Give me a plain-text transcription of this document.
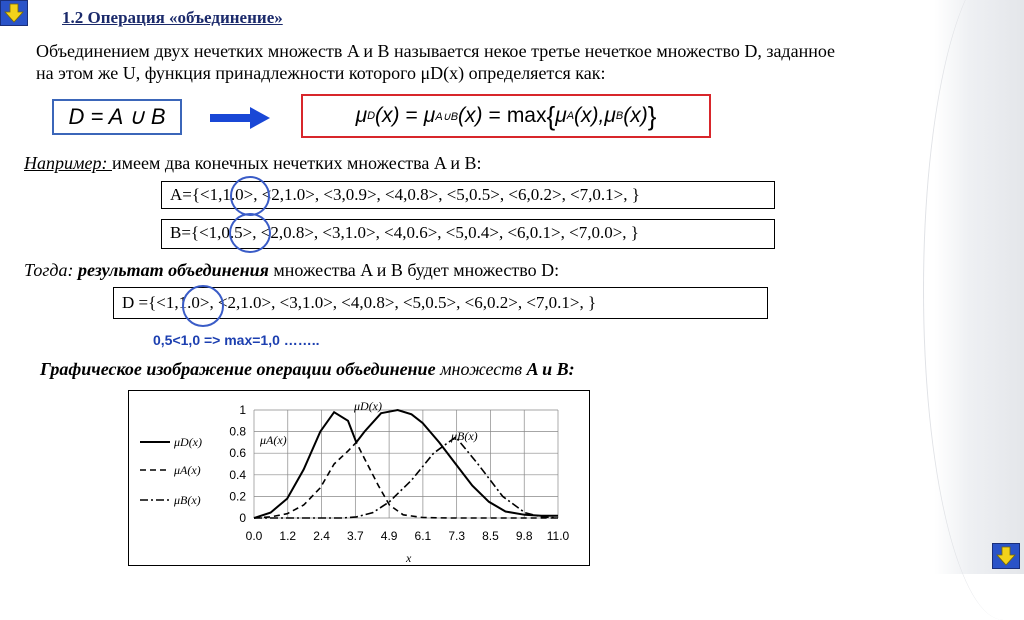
1.2 Операция «объединение»
Объединением двух нечетких множеств A и B называется некое третье нечеткое множество D, заданное
на этом же U, функция принадлежности которого μD(x) определяется как:
D = A ∪ B	μ D (x) = μ A∪B (x) = max { μ A (x) , μ B (x) }
Например: имеем два конечных нечетких множества A и B:
A={<1,1.0>, <2,1.0>, <3,0.9>, <4,0.8>, <5,0.5>, <6,0.2>, <7,0.1>, }
B={<1,0.5>, <2,0.8>, <3,1.0>, <4,0.6>, <5,0.4>, <6,0.1>, <7,0.0>, }
Тогда: результат объединения множества A и B будет множество D:
D ={<1,1.0>, <2,1.0>, <3,1.0>, <4,0.8>, <5,0.5>, <6,0.2>, <7,0.1>, }
0,5<1,0 => max=1,0 ……..
Графическое изображение операции объединение множеств A и B:
0
0.2
0.4
0.6
0.8
1
0.0 1.2 2.4 3.7 4.9 6.1 7.3 8.5 9.8 11.0
μD(x)
μA(x)
μB(x)
x
μD(x)
μA(x)	μB(x)
